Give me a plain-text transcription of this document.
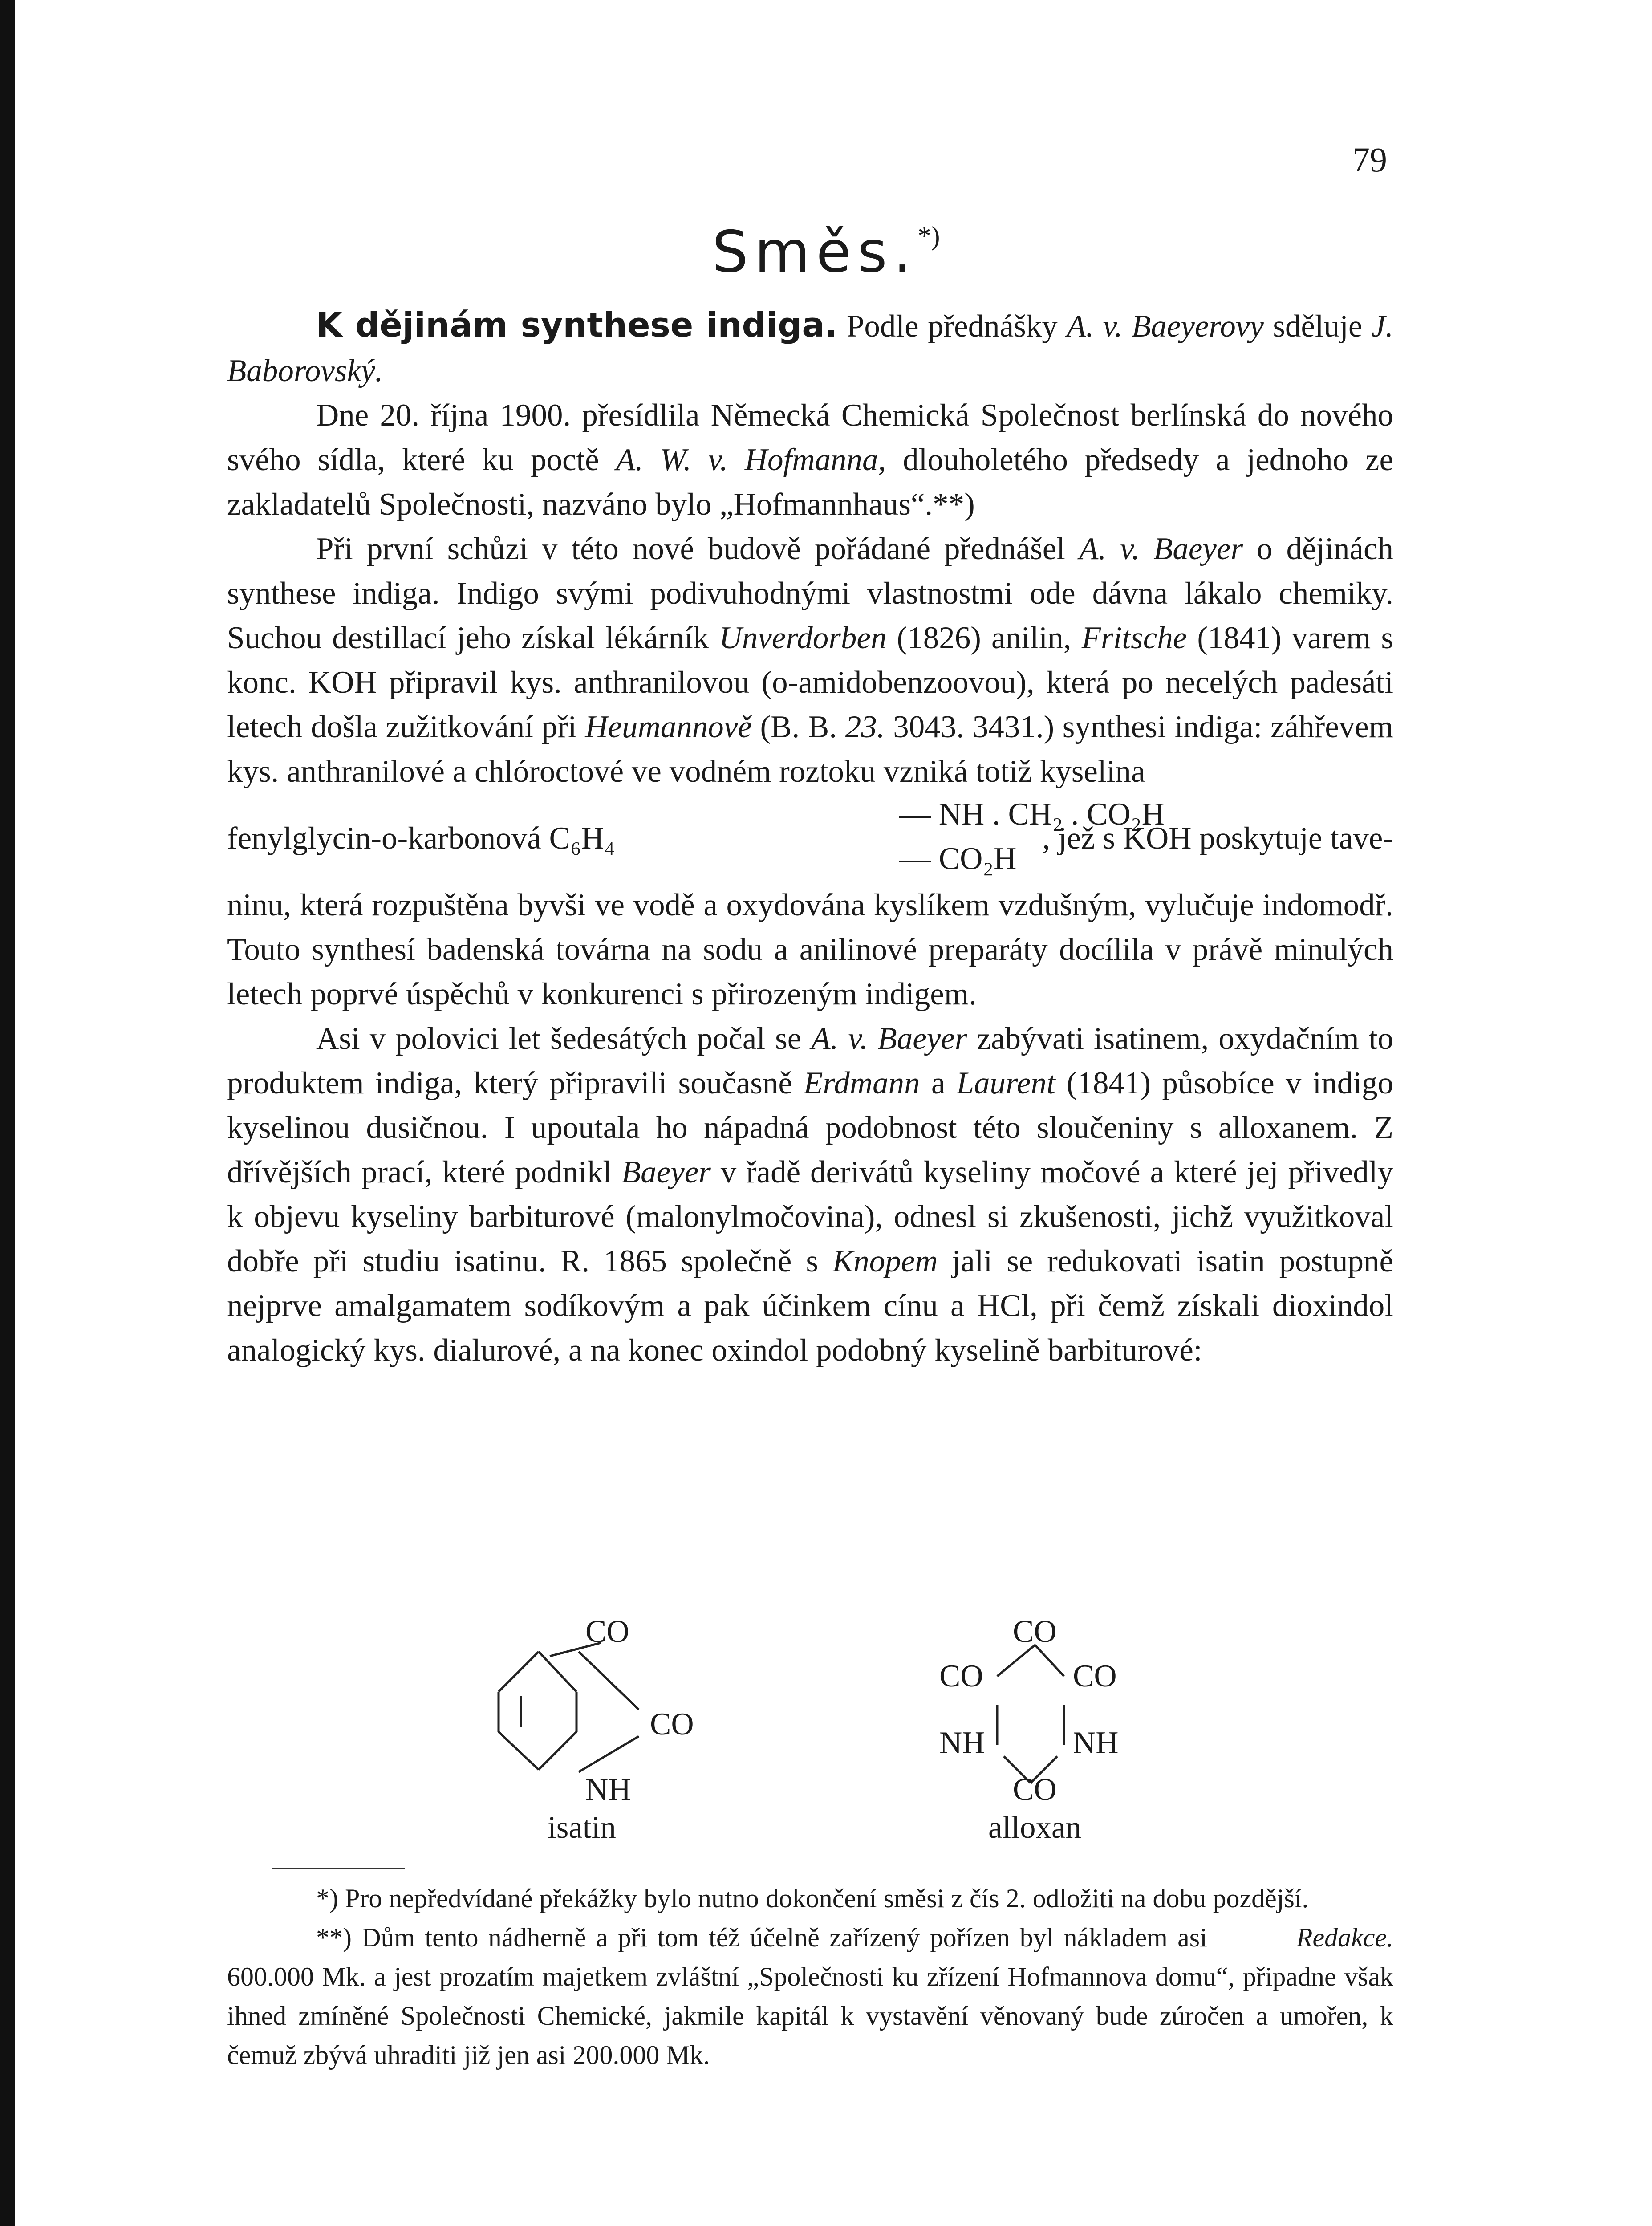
79
Směs.*)

K dějinám synthese indiga. Podle přednášky A. v. Baeyerovy sděluje J. Baborovský.

Dne 20. října 1900. přesídlila Německá Chemická Společnost berlínská do nového svého sídla, které ku poctě A. W. v. Hofmanna, dlouholetého předsedy a jednoho ze zakladatelů Společnosti, nazváno bylo „Hofmannhaus“.**)

Při první schůzi v této nové budově pořádané přednášel A. v. Baeyer o dějinách synthese indiga. Indigo svými podivuhodnými vlastnostmi ode dávna lákalo chemiky. Suchou destillací jeho získal lékárník Unverdorben (1826) anilin, Fritsche (1841) varem s konc. KOH připravil kys. anthranilovou (o-amidobenzoovou), která po necelých padesáti letech došla zužitkování při Heumannově (B. B. 23. 3043. 3431.) synthesi indiga: záhřevem kys. anthranilové a chlóroctové ve vodném roztoku vzniká totiž kyselina

fenylglycin-o-karbonová C₆H₄
— NH . CH₂ . CO₂H
— CO₂H
, jež s KOH poskytuje tave-

ninu, která rozpuštěna byvši ve vodě a oxydována kyslíkem vzdušným, vylučuje indomodř. Touto synthesí badenská továrna na sodu a anilinové preparáty docílila v právě minulých letech poprvé úspěchů v konkurenci s přirozeným indigem.

Asi v polovici let šedesátých počal se A. v. Baeyer zabývati isatinem, oxydačním to produktem indiga, který připravili současně Erdmann a Laurent (1841) působíce v indigo kyselinou dusičnou. I upoutala ho nápadná podobnost této sloučeniny s alloxanem. Z dřívějších prací, které podnikl Baeyer v řadě derivátů kyseliny močové a které jej přivedly k objevu kyseliny barbiturové (malonylmočovina), odnesl si zkušenosti, jichž využitkoval dobře při studiu isatinu. R. 1865 společně s Knopem jali se redukovati isatin postupně nejprve amalgamatem sodíkovým a pak účinkem cínu a HCl, při čemž získali dioxindol analogický kys. dialurové, a na konec oxindol podobný kyselině barbiturové:

CO
CO
NH
isatin
CO
CO	CO
NH	NH
CO
alloxan

*) Pro nepředvídané překážky bylo nutno dokončení směsi z čís 2. odložiti na dobu pozdější.
Redakce.

**) Dům tento nádherně a při tom též účelně zařízený pořízen byl nákladem asi 600.000 Mk. a jest prozatím majetkem zvláštní „Společnosti ku zřízení Hofmannova domu“, připadne však ihned zmíněné Společnosti Chemické, jakmile kapitál k vystavění věnovaný bude zúročen a umořen, k čemuž zbývá uhraditi již jen asi 200.000 Mk.
